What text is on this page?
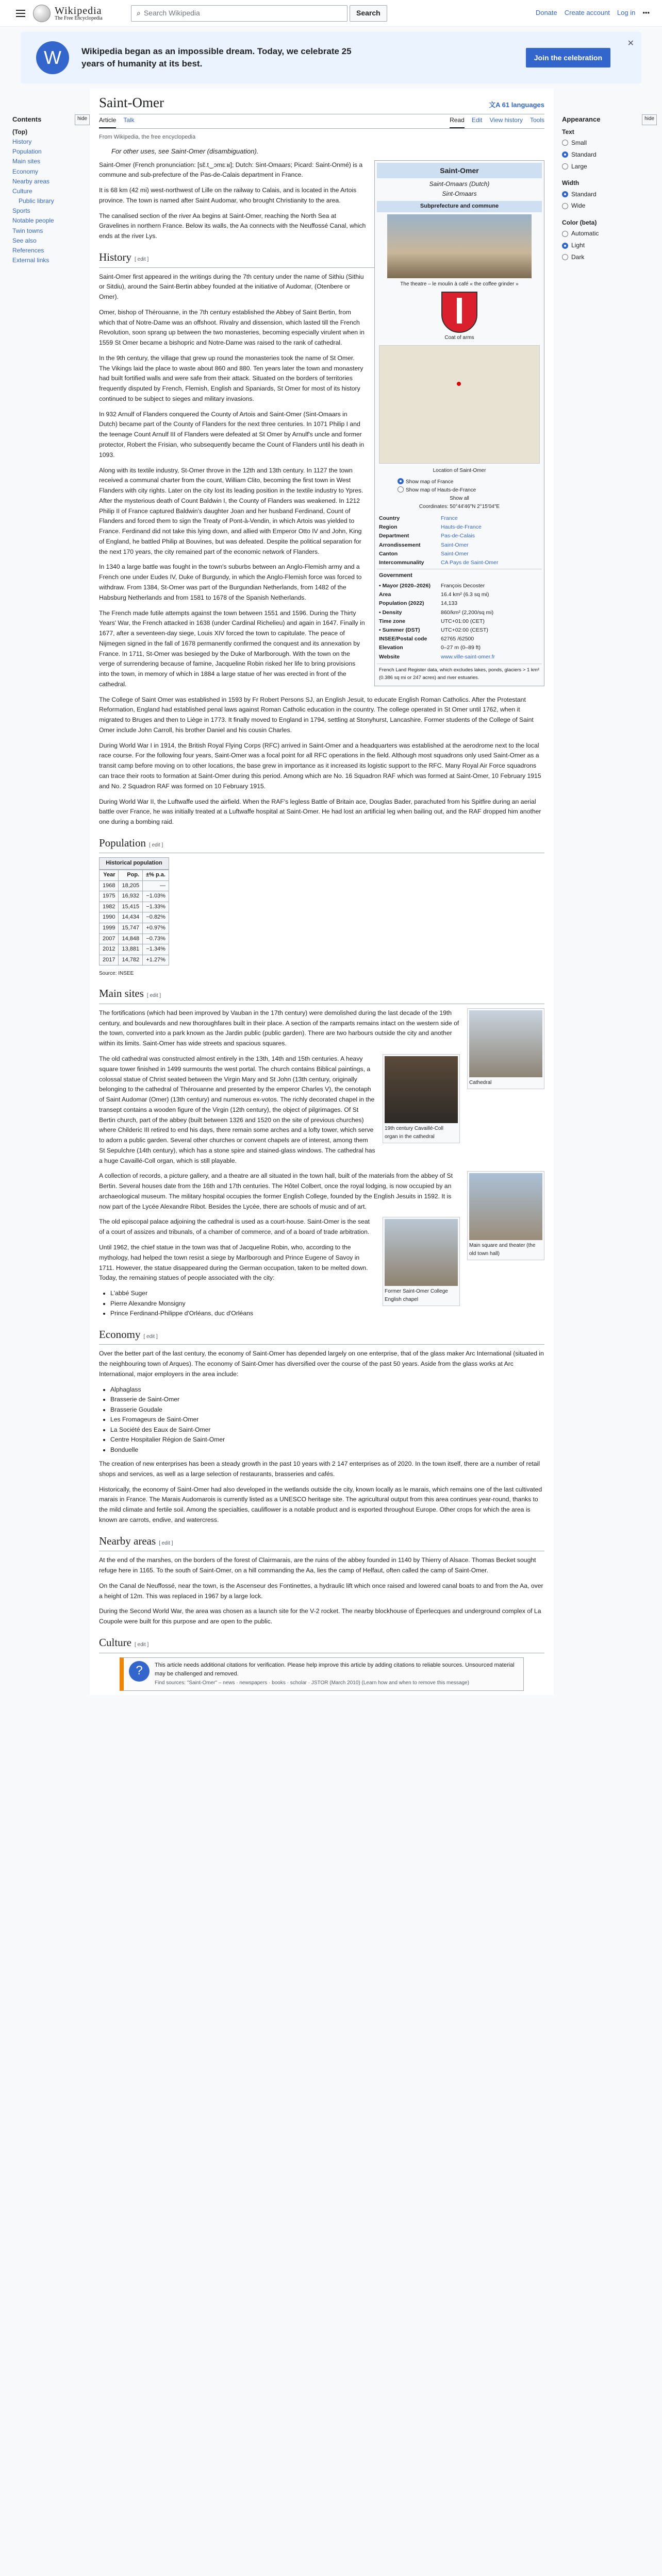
Wikipedia
The Free Encyclopedia
⌕ Search Wikipedia	Search	Donate Create account Log in •••
W	Wikipedia began as an impossible dream. Today, we celebrate 25 years of humanity at its best.
Join the celebration
✕
Contents	hide
(Top)
History
Population
Main sites
Economy
Nearby areas
Culture
Public library
Sports
Notable people
Twin towns
See also
References
External links
Saint-Omer	文A 61 languages
Article Talk	Read Edit View history Tools
From Wikipedia, the free encyclopedia
For other uses, see Saint-Omer (disambiguation).
Saint-Omer
Saint-Omaars (Dutch)
Sint-Omaars
Subprefecture and commune
The theatre – le moulin à café « the coffee grinder »
Coat of arms
Location of Saint-Omer
Show map of France
Show map of Hauts-de-France
Show all
Coordinates: 50°44′46″N 2°15′04″E
Country	France
Region	Hauts-de-France
Department	Pas-de-Calais
Arrondissement	Saint-Omer
Canton	Saint-Omer
Intercommunality	CA Pays de Saint-Omer
Government
• Mayor (2020–2026)	François Decoster
Area	16.4 km² (6.3 sq mi)
Population (2022)	14,133
• Density	860/km² (2,200/sq mi)
Time zone	UTC+01:00 (CET)
• Summer (DST)	UTC+02:00 (CEST)
INSEE/Postal code	62765 /62500
Elevation	0–27 m (0–89 ft)
Website	www.ville-saint-omer.fr
French Land Register data, which excludes lakes, ponds, glaciers > 1 km² (0.386 sq mi or 247 acres) and river estuaries.

Saint-Omer (French pronunciation: [sɛ̃.t‿ɔmɛːʁ]; Dutch: Sint-Omaars; Picard: Saint-Onmé) is a commune and sub-prefecture of the Pas-de-Calais department in France.

It is 68 km (42 mi) west-northwest of Lille on the railway to Calais, and is located in the Artois province. The town is named after Saint Audomar, who brought Christianity to the area.

The canalised section of the river Aa begins at Saint-Omer, reaching the North Sea at Gravelines in northern France. Below its walls, the Aa connects with the Neuffossé Canal, which ends at the river Lys.

History [ edit ]

Saint-Omer first appeared in the writings during the 7th century under the name of Sithiu (Sithiu or Sitdiu), around the Saint-Bertin abbey founded at the initiative of Audomar, (Otenbere or Omer).

Omer, bishop of Thérouanne, in the 7th century established the Abbey of Saint Bertin, from which that of Notre-Dame was an offshoot. Rivalry and dissension, which lasted till the French Revolution, soon sprang up between the two monasteries, becoming especially virulent when in 1559 St Omer became a bishopric and Notre-Dame was raised to the rank of cathedral.

In the 9th century, the village that grew up round the monasteries took the name of St Omer. The Vikings laid the place to waste about 860 and 880. Ten years later the town and monastery had built fortified walls and were safe from their attack. Situated on the borders of territories frequently disputed by French, Flemish, English and Spaniards, St Omer for most of its history continued to be subject to sieges and military invasions.

In 932 Arnulf of Flanders conquered the County of Artois and Saint-Omer (Sint-Omaars in Dutch) became part of the County of Flanders for the next three centuries. In 1071 Philip I and the teenage Count Arnulf III of Flanders were defeated at St Omer by Arnulf's uncle and former protector, Robert the Frisian, who subsequently became the Count of Flanders until his death in 1093.

Along with its textile industry, St-Omer throve in the 12th and 13th century. In 1127 the town received a communal charter from the count, William Clito, becoming the first town in West Flanders with city rights. Later on the city lost its leading position in the textile industry to Ypres. After the mysterious death of Count Baldwin I, the County of Flanders was weakened. In 1212 Philip II of France captured Baldwin's daughter Joan and her husband Ferdinand, Count of Flanders and forced them to sign the Treaty of Pont-à-Vendin, in which Artois was yielded to France. Ferdinand did not take this lying down, and allied with Emperor Otto IV and John, King of England, he battled Philip at Bouvines, but was defeated. Despite the political separation for the next 170 years, the city remained part of the economic network of Flanders.

In 1340 a large battle was fought in the town's suburbs between an Anglo-Flemish army and a French one under Eudes IV, Duke of Burgundy, in which the Anglo-Flemish force was forced to withdraw. From 1384, St-Omer was part of the Burgundian Netherlands, from 1482 of the Habsburg Netherlands and from 1581 to 1678 of the Spanish Netherlands.

The French made futile attempts against the town between 1551 and 1596. During the Thirty Years' War, the French attacked in 1638 (under Cardinal Richelieu) and again in 1647. Finally in 1677, after a seventeen-day siege, Louis XIV forced the town to capitulate. The peace of Nijmegen signed in the fall of 1678 permanently confirmed the conquest and its annexation by France. In 1711, St-Omer was besieged by the Duke of Marlborough. With the town on the verge of surrendering because of famine, Jacqueline Robin risked her life to bring provisions into the town, in memory of which in 1884 a large statue of her was erected in front of the cathedral.

The College of Saint Omer was established in 1593 by Fr Robert Persons SJ, an English Jesuit, to educate English Roman Catholics. After the Protestant Reformation, England had established penal laws against Roman Catholic education in the country. The college operated in St Omer until 1762, when it migrated to Bruges and then to Liège in 1773. It finally moved to England in 1794, settling at Stonyhurst, Lancashire. Former students of the College of Saint Omer include John Carroll, his brother Daniel and his cousin Charles.

During World War I in 1914, the British Royal Flying Corps (RFC) arrived in Saint-Omer and a headquarters was established at the aerodrome next to the local race course. For the following four years, Saint-Omer was a focal point for all RFC operations in the field. Although most squadrons only used Saint-Omer as a transit camp before moving on to other locations, the base grew in importance as it increased its logistic support to the RFC. Many Royal Air Force squadrons can trace their roots to formation at Saint-Omer during this period. Among which are No. 16 Squadron RAF which was formed at Saint-Omer, 10 February 1915 and No. 2 Squadron RAF was formed on 10 February 1915.

During World War II, the Luftwaffe used the airfield. When the RAF's legless Battle of Britain ace, Douglas Bader, parachuted from his Spitfire during an aerial battle over France, he was initially treated at a Luftwaffe hospital at Saint-Omer. He had lost an artificial leg when bailing out, and the RAF dropped him another one during a bombing raid.

Population [ edit ]
Historical population
Year	Pop.	±% p.a.
1968	18,205	—
1975	16,932	−1.03%
1982	15,415	−1.33%
1990	14,434	−0.82%
1999	15,747	+0.97%
2007	14,848	−0.73%
2012	13,881	−1.34%
2017	14,782	+1.27%
Source: INSEE
Main sites [ edit ]
Cathedral

The fortifications (which had been improved by Vauban in the 17th century) were demolished during the last decade of the 19th century, and boulevards and new thoroughfares built in their place. A section of the ramparts remains intact on the western side of the town, converted into a park known as the Jardin public (public garden). There are two harbours outside the city and another within its limits. Saint-Omer has wide streets and spacious squares.

19th century Cavaillé-Coll organ in the cathedral

The old cathedral was constructed almost entirely in the 13th, 14th and 15th centuries. A heavy square tower finished in 1499 surmounts the west portal. The church contains Biblical paintings, a colossal statue of Christ seated between the Virgin Mary and St John (13th century, originally belonging to the cathedral of Thérouanne and presented by the emperor Charles V), the cenotaph of Saint Audomar (Omer) (13th century) and numerous ex-votos. The richly decorated chapel in the transept contains a wooden figure of the Virgin (12th century), the object of pilgrimages. Of St Bertin church, part of the abbey (built between 1326 and 1520 on the site of previous churches) where Childeric III retired to end his days, there remain some arches and a lofty tower, which serve to adorn a public garden. Several other churches or convent chapels are of interest, among them St Sepulchre (14th century), which has a stone spire and stained-glass windows. The cathedral has a huge Cavaillé-Coll organ, which is still playable.

Main square and theater (the old town hall)

A collection of records, a picture gallery, and a theatre are all situated in the town hall, built of the materials from the abbey of St Bertin. Several houses date from the 16th and 17th centuries. The Hôtel Colbert, once the royal lodging, is now occupied by an archaeological museum. The military hospital occupies the former English College, founded by the English Jesuits in 1592. It is now part of the Lycée Alexandre Ribot. Besides the Lycée, there are schools of music and of art.

Former Saint-Omer College English chapel

The old episcopal palace adjoining the cathedral is used as a court-house. Saint-Omer is the seat of a court of assizes and tribunals, of a chamber of commerce, and of a board of trade arbitration.

Until 1962, the chief statue in the town was that of Jacqueline Robin, who, according to the mythology, had helped the town resist a siege by Marlborough and Prince Eugene of Savoy in 1711. However, the statue disappeared during the German occupation, taken to be melted down. Today, the remaining statues of people associated with the city:

• L'abbé Suger
• Pierre Alexandre Monsigny
• Prince Ferdinand-Philippe d'Orléans, duc d'Orléans
Economy [ edit ]

Over the better part of the last century, the economy of Saint-Omer has depended largely on one enterprise, that of the glass maker Arc International (situated in the neighbouring town of Arques). The economy of Saint-Omer has diversified over the course of the past 50 years. Aside from the glass works at Arc International, major employers in the area include:

• Alphaglass
• Brasserie de Saint-Omer
• Brasserie Goudale
• Les Fromageurs de Saint-Omer
• La Société des Eaux de Saint-Omer
• Centre Hospitalier Région de Saint-Omer
• Bonduelle

The creation of new enterprises has been a steady growth in the past 10 years with 2 147 enterprises as of 2020. In the town itself, there are a number of retail shops and services, as well as a large selection of restaurants, brasseries and cafés.

Historically, the economy of Saint-Omer had also developed in the wetlands outside the city, known locally as le marais, which remains one of the last cultivated marais in France. The Marais Audomarois is currently listed as a UNESCO heritage site. The agricultural output from this area continues year-round, thanks to the mild climate and fertile soil. Among the specialties, cauliflower is a notable product and is exported throughout Europe. Other crops for which the area is known are carrots, endive, and watercress.

Nearby areas [ edit ]

At the end of the marshes, on the borders of the forest of Clairmarais, are the ruins of the abbey founded in 1140 by Thierry of Alsace. Thomas Becket sought refuge here in 1165. To the south of Saint-Omer, on a hill commanding the Aa, lies the camp of Helfaut, often called the camp of Saint-Omer.

On the Canal de Neuffossé, near the town, is the Ascenseur des Fontinettes, a hydraulic lift which once raised and lowered canal boats to and from the Aa, over a height of 12m. This was replaced in 1967 by a large lock.

During the Second World War, the area was chosen as a launch site for the V-2 rocket. The nearby blockhouse of Éperlecques and underground complex of La Coupole were built for this purpose and are open to the public.

Culture [ edit ]
?	This article needs additional citations for verification. Please help improve this article by adding citations to reliable sources. Unsourced material may be challenged and removed.
Find sources: "Saint-Omer" – news · newspapers · books · scholar · JSTOR (March 2010) (Learn how and when to remove this message)
Appearance	hide
Text
Small
Standard
Large
Width
Standard
Wide
Color (beta)
Automatic
Light
Dark
